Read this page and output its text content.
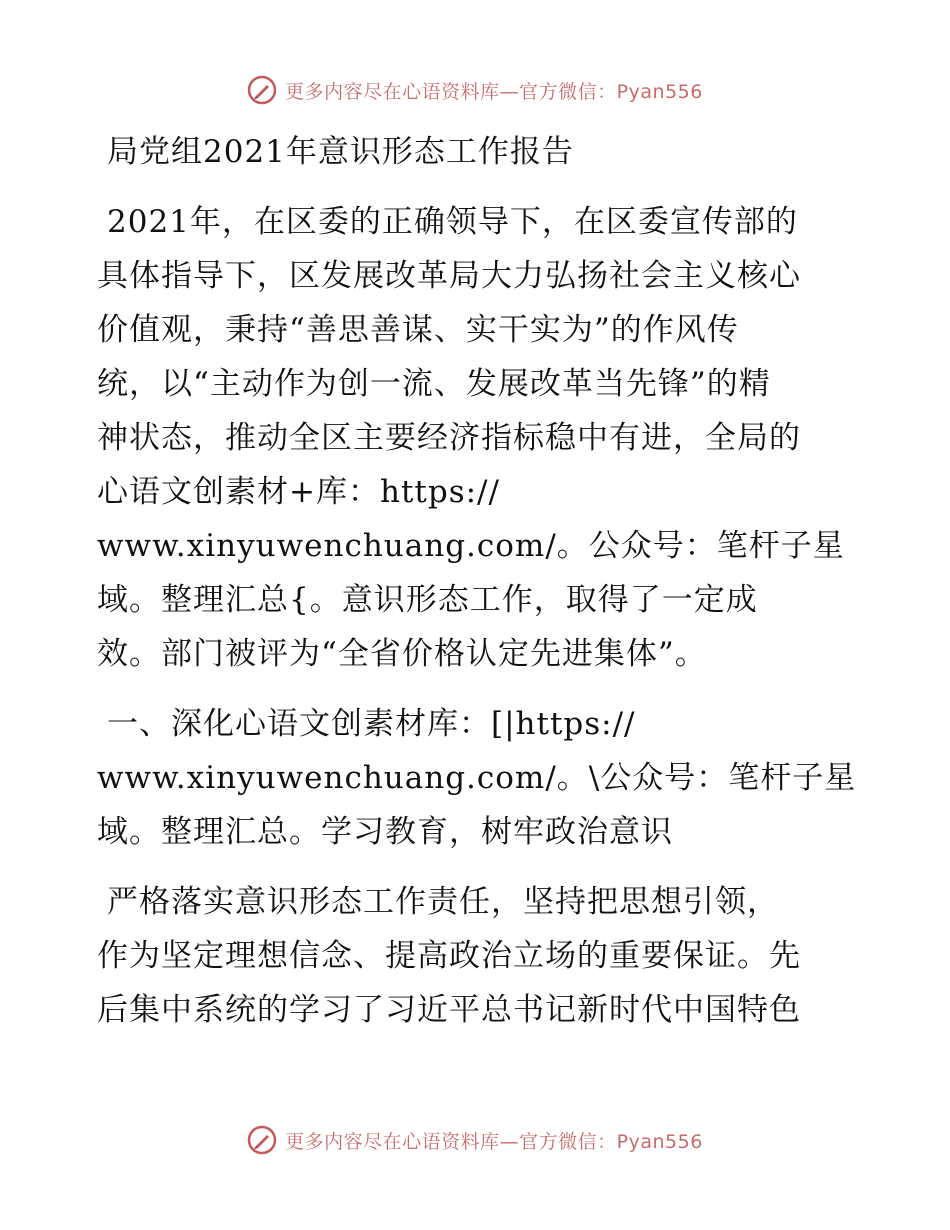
更多内容尽在心语资料库—官方微信：Pyan556
局党组2021年意识形态工作报告
2021年，在区委的正确领导下，在区委宣传部的
具体指导下，区发展改革局大力弘扬社会主义核心
价值观，秉持“善思善谋、实干实为”的作风传
统，以“主动作为创一流、发展改革当先锋”的精
神状态，推动全区主要经济指标稳中有进，全局的
心语文创素材+库：https://
www.xinyuwenchuang.com/。公众号：笔杆子星
域。整理汇总{。意识形态工作，取得了一定成
效。部门被评为“全省价格认定先进集体”。
一、深化心语文创素材库：[|https://
www.xinyuwenchuang.com/。\公众号：笔杆子星
域。整理汇总。学习教育，树牢政治意识
严格落实意识形态工作责任，坚持把思想引领，
作为坚定理想信念、提高政治立场的重要保证。先
后集中系统的学习了习近平总书记新时代中国特色
更多内容尽在心语资料库—官方微信：Pyan556
